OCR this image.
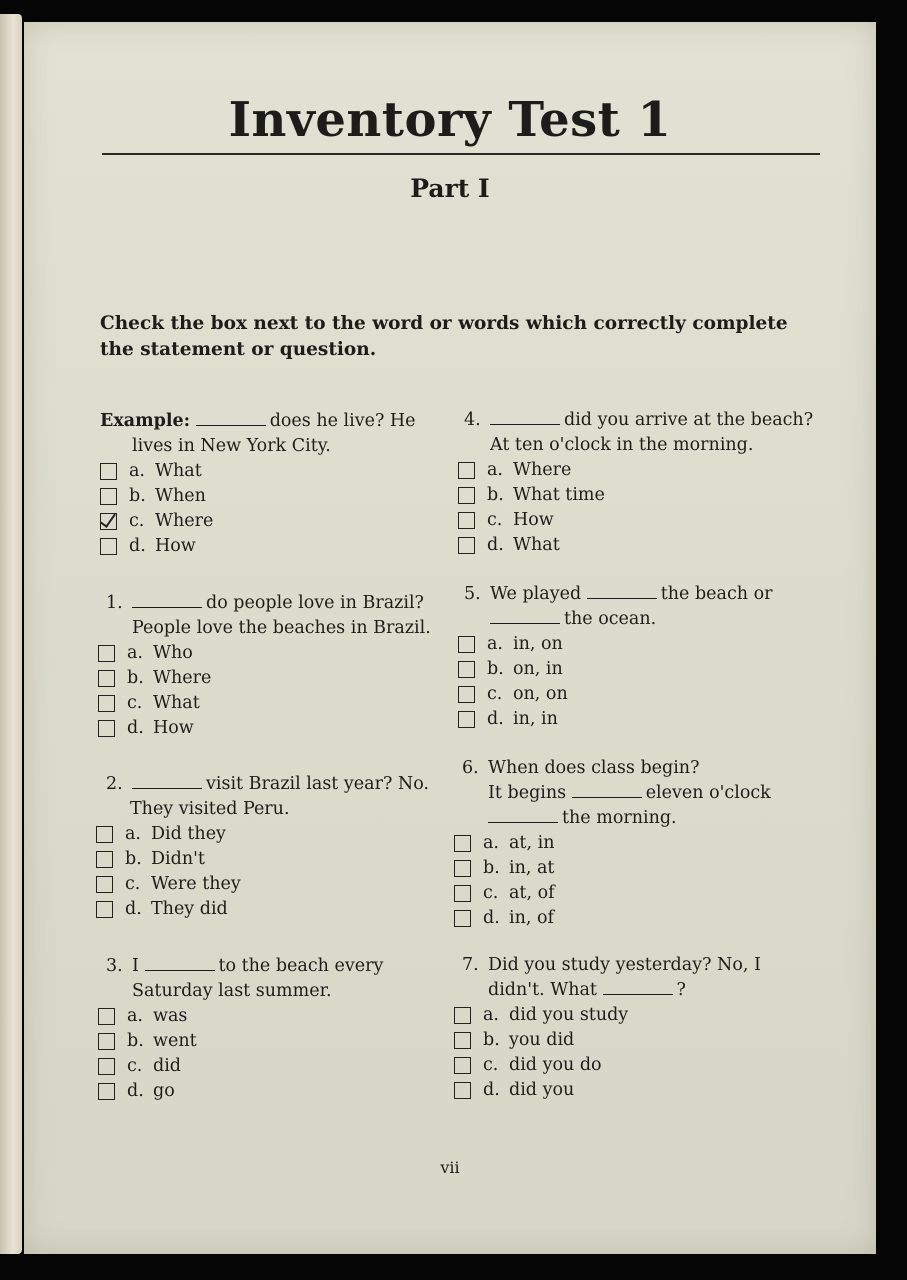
Inventory Test 1
Part I
Check the box next to the word or words which correctly complete the statement or question.
Example:	does he live? He
lives in New York City.
a. What
b. When
c. Where
d. How
1.	do people love in Brazil?
People love the beaches in Brazil.
a. Who
b. Where
c. What
d. How
2.	visit Brazil last year? No.
They visited Peru.
a. Did they
b. Didn't
c. Were they
d. They did
3. I	to the beach every
Saturday last summer.
a. was
b. went
c. did
d. go
4.	did you arrive at the beach?
At ten o'clock in the morning.
a. Where
b. What time
c. How
d. What
5. We played	the beach or
the ocean.
a. in, on
b. on, in
c. on, on
d. in, in
6. When does class begin?
It begins	eleven o'clock
the morning.
a. at, in
b. in, at
c. at, of
d. in, of
7. Did you study yesterday? No, I
didn't. What	?
a. did you study
b. you did
c. did you do
d. did you
vii
